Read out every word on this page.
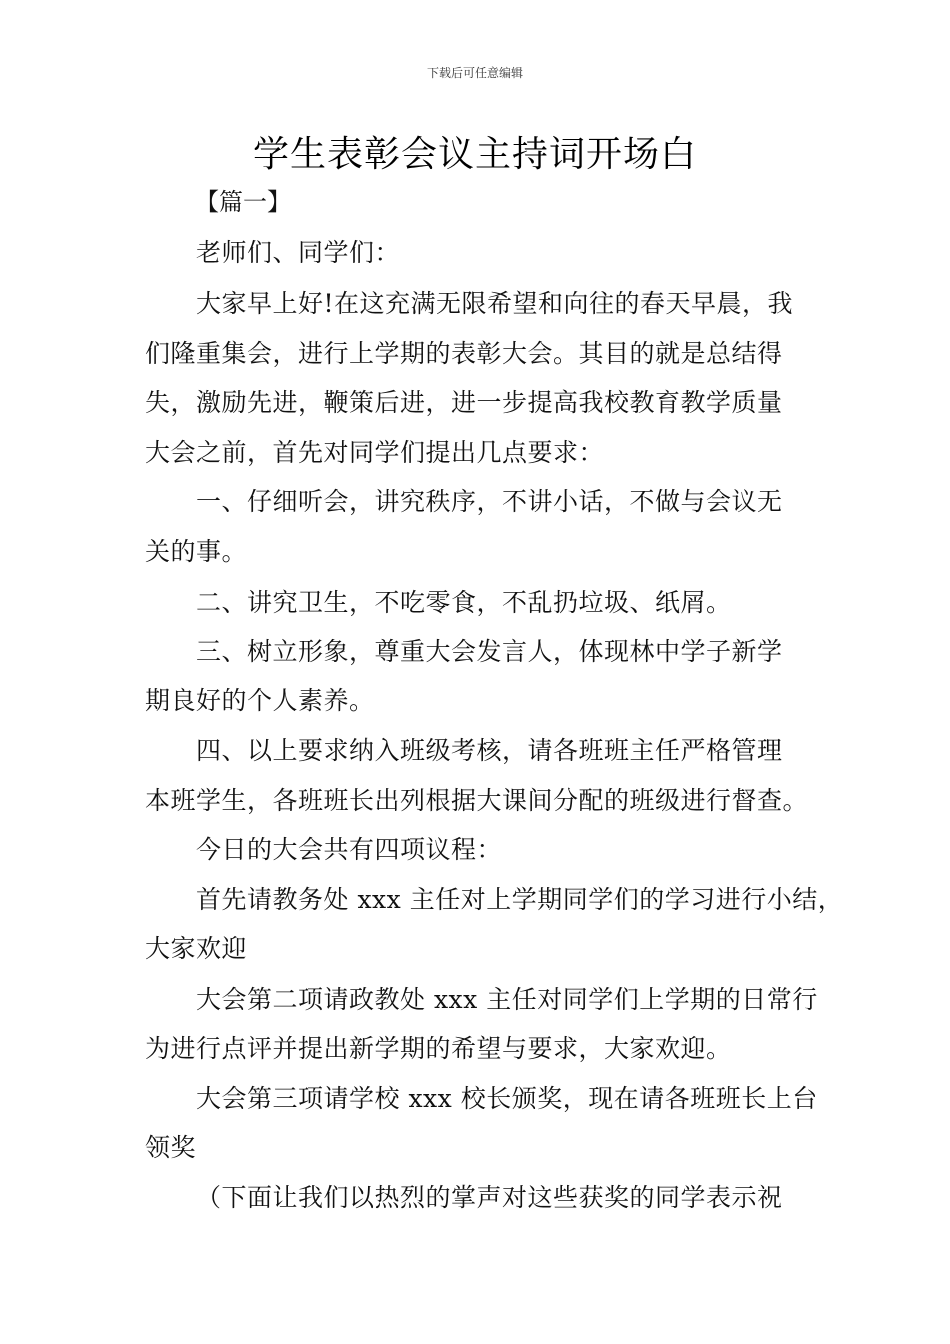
下载后可任意编辑
学生表彰会议主持词开场白
【篇一】
老师们、同学们：
大家早上好!在这充满无限希望和向往的春天早晨，我
们隆重集会，进行上学期的表彰大会。其目的就是总结得
失，激励先进，鞭策后进，进一步提高我校教育教学质量
大会之前，首先对同学们提出几点要求：
一、仔细听会，讲究秩序，不讲小话，不做与会议无
关的事。
二、讲究卫生，不吃零食，不乱扔垃圾、纸屑。
三、树立形象，尊重大会发言人，体现林中学子新学
期良好的个人素养。
四、以上要求纳入班级考核，请各班班主任严格管理
本班学生，各班班长出列根据大课间分配的班级进行督查。
今日的大会共有四项议程：
首先请教务处 xxx 主任对上学期同学们的学习进行小结，
大家欢迎
大会第二项请政教处 xxx 主任对同学们上学期的日常行
为进行点评并提出新学期的希望与要求，大家欢迎。
大会第三项请学校 xxx 校长颁奖，现在请各班班长上台
领奖
（下面让我们以热烈的掌声对这些获奖的同学表示祝
